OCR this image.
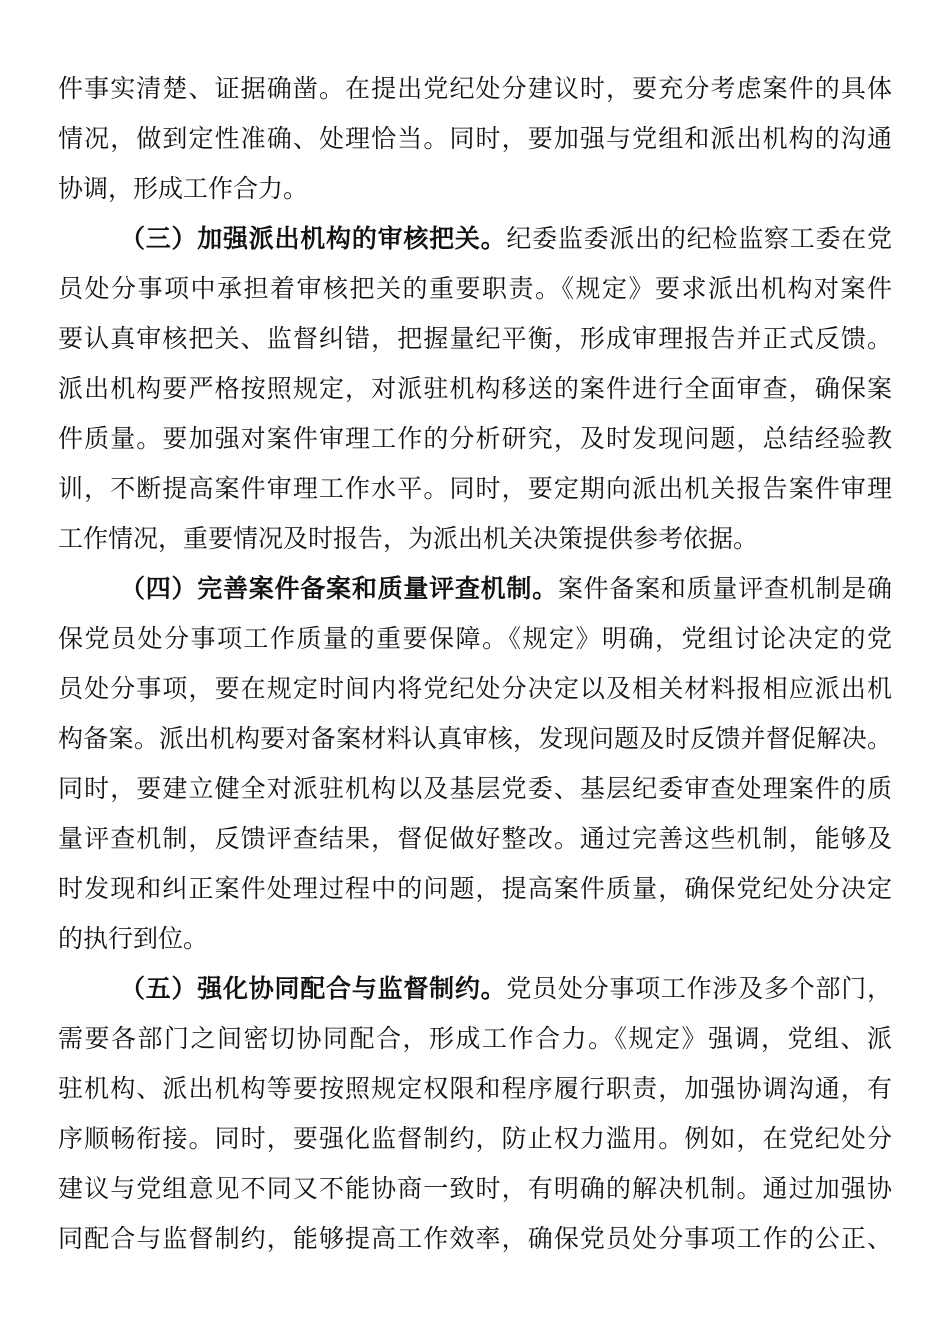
件事实清楚、证据确凿。在提出党纪处分建议时，要充分考虑案件的具体
情况，做到定性准确、处理恰当。同时，要加强与党组和派出机构的沟通
协调，形成工作合力。
（三）加强派出机构的审核把关。纪委监委派出的纪检监察工委在党
员处分事项中承担着审核把关的重要职责。《规定》要求派出机构对案件
要认真审核把关、监督纠错，把握量纪平衡，形成审理报告并正式反馈。
派出机构要严格按照规定，对派驻机构移送的案件进行全面审查，确保案
件质量。要加强对案件审理工作的分析研究，及时发现问题，总结经验教
训，不断提高案件审理工作水平。同时，要定期向派出机关报告案件审理
工作情况，重要情况及时报告，为派出机关决策提供参考依据。
（四）完善案件备案和质量评查机制。案件备案和质量评查机制是确
保党员处分事项工作质量的重要保障。《规定》明确，党组讨论决定的党
员处分事项，要在规定时间内将党纪处分决定以及相关材料报相应派出机
构备案。派出机构要对备案材料认真审核，发现问题及时反馈并督促解决。
同时，要建立健全对派驻机构以及基层党委、基层纪委审查处理案件的质
量评查机制，反馈评查结果，督促做好整改。通过完善这些机制，能够及
时发现和纠正案件处理过程中的问题，提高案件质量，确保党纪处分决定
的执行到位。
（五）强化协同配合与监督制约。党员处分事项工作涉及多个部门，
需要各部门之间密切协同配合，形成工作合力。《规定》强调，党组、派
驻机构、派出机构等要按照规定权限和程序履行职责，加强协调沟通，有
序顺畅衔接。同时，要强化监督制约，防止权力滥用。例如，在党纪处分
建议与党组意见不同又不能协商一致时，有明确的解决机制。通过加强协
同配合与监督制约，能够提高工作效率，确保党员处分事项工作的公正、
